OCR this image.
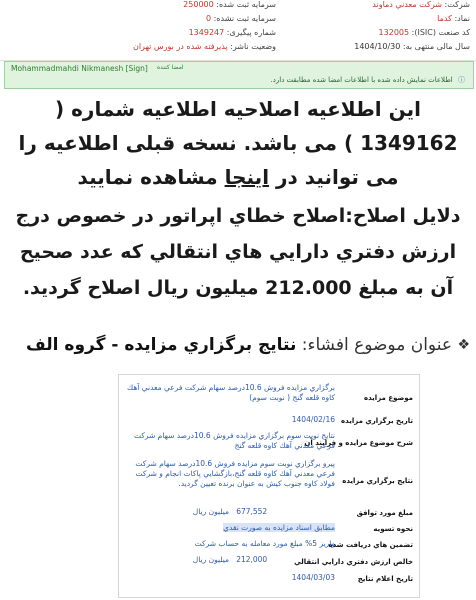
شرکت: شرکت معدني دماوند
نماد: کدما
کد صنعت (ISIC): 132005
سال مالی منتهی به: 1404/10/30
سرمایه ثبت شده: 250000
سرمایه ثبت نشده: 0
شماره پیگیری: 1349247
وضعیت ناشر: پذیرفته شده در بورس تهران
Mohammadmahdi Nikmanesh [Sign] امضا کننده
ⓘ اطلاعات نمایش داده شده با اطلاعات امضا شده مطابقت دارد.
این اطلاعیه اصلاحیه اطلاعیه شماره ( 1349162 ) می باشد. نسخه قبلی اطلاعیه را می توانید در اینجا مشاهده نمایید
دلایل اصلاح:اصلاح خطاي اپراتور در خصوص درج ارزش دفتري دارايي هاي انتقالي كه عدد صحيح آن به مبلغ 212.000 ميليون ريال اصلاح گرديد.
❖
عنوان موضوع افشاء: نتايج برگزاري مزايده - گروه الف
موضوع مزايده
برگزاري مزايده فروش 10.6درصد سهام شركت فرعي معدني آهك كاوه قلعه گنج ( نوبت سوم)
تاريخ برگزاري مزايده
1404/02/16
شرح موضوع مزايده و فرايند آن
نتايج نوبت سوم برگزاري مزايده فروش 10.6درصد سهام شركت فرعي معدني آهك كاوه قلعه گنج
نتايج برگزاري مزايده
پيرو برگزاري نوبت سوم مزايده فروش 10.6درصد سهام شركت فرعي معدني آهك كاوه قلعه گنج،بازگشايي پاكات انجام و شركت فولاد كاوه جنوب كيش به عنوان برنده تعيين گرديد.
مبلغ مورد توافق
677,552   ميليون ريال
نحوه تسويه
مطابق اسناد مزايده به صورت نقدي
تضمين هاي دريافت شده
واريز 5% مبلغ مورد معامله به حساب شركت
خالص ارزش دفتري دارايي انتقالي
212,000   ميليون ريال
تاريخ اعلام نتايج
1404/03/03
